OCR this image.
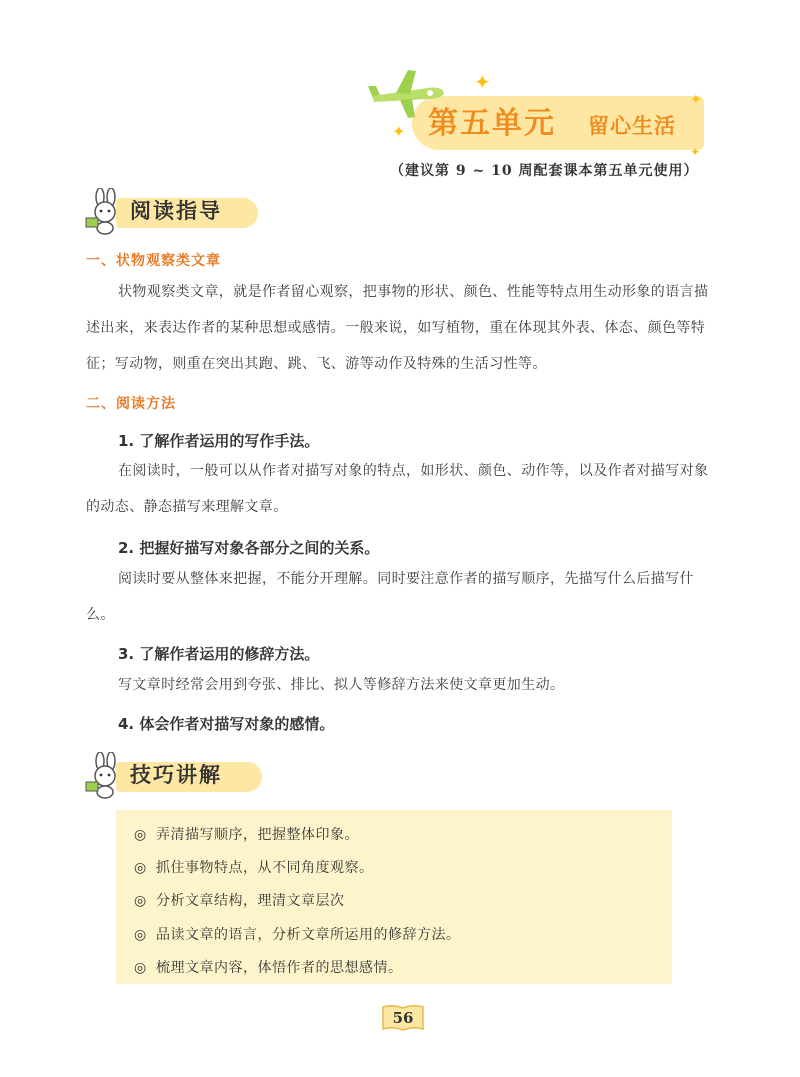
✦
✦
✦
✦
第五单元 留心生活
（建议第 9 ~ 10 周配套课本第五单元使用）
阅读指导
一、状物观察类文章
状物观察类文章，就是作者留心观察，把事物的形状、颜色、性能等特点用生动形象的语言描述出来，来表达作者的某种思想或感情。一般来说，如写植物，重在体现其外表、体态、颜色等特征；写动物，则重在突出其跑、跳、飞、游等动作及特殊的生活习性等。
二、阅读方法
1. 了解作者运用的写作手法。
在阅读时，一般可以从作者对描写对象的特点，如形状、颜色、动作等，以及作者对描写对象的动态、静态描写来理解文章。
2. 把握好描写对象各部分之间的关系。
阅读时要从整体来把握，不能分开理解。同时要注意作者的描写顺序，先描写什么后描写什么。
3. 了解作者运用的修辞方法。
写文章时经常会用到夸张、排比、拟人等修辞方法来使文章更加生动。
4. 体会作者对描写对象的感情。
技巧讲解
◎ 弄清描写顺序，把握整体印象。
◎ 抓住事物特点，从不同角度观察。
◎ 分析文章结构，理清文章层次
◎ 品读文章的语言，分析文章所运用的修辞方法。
◎ 梳理文章内容，体悟作者的思想感情。
56
